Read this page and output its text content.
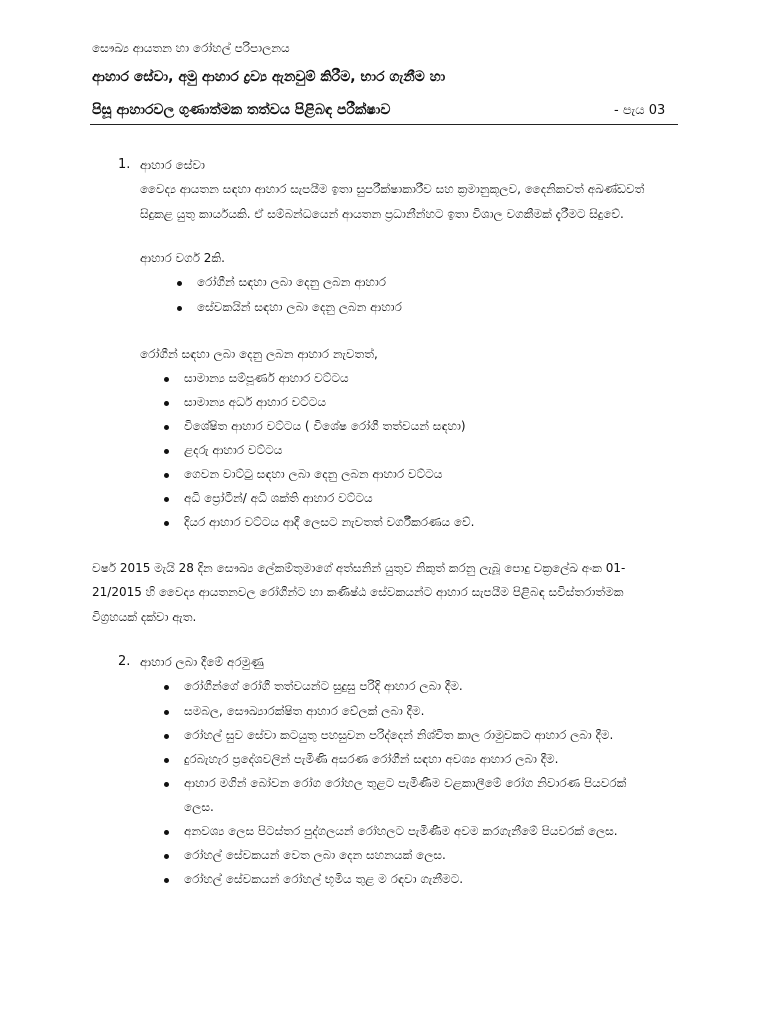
සෞඛ්‍ය ආයතන හා රෝහල් පරිපාලනය
ආහාර සේවා, අමු ආහාර ද්‍රව්‍ය ඇනවුම් කිරීම, භාර ගැනීම හා
පිසූ ආහාරවල ගුණාත්මක තත්වය පිළිබඳ පරීක්ෂාව	- පැය 03
1. ආහාර සේවා
වෛද්‍ය ආයතන සඳහා ආහාර සැපයීම ඉතා සුපරීක්ෂාකාරීව සහ ක්‍රමානුකූලව, දෛනිකවත් අඛණ්ඩවත්
සිදුකළ යුතු කාර්යයකි. ඒ සම්බන්ධයෙන් ආයතන ප්‍රධානීන්හට ඉතා විශාල වගකීමක් දැරීමට සිදුවේ.
ආහාර වර්ග 2කි.
රෝගීන් සඳහා ලබා දෙනු ලබන ආහාර
සේවකයින් සඳහා ලබා දෙනු ලබන ආහාර
රෝගීන් සඳහා ලබා දෙනු ලබන ආහාර නැවතත්,
සාමාන්‍ය සම්පූර්ණ ආහාර වට්ටය
සාමාන්‍ය අර්ධ ආහාර වට්ටය
විශේෂිත ආහාර වට්ටය ( විශේෂ රෝගී තත්වයන් සඳහා)
ළදරු ආහාර වට්ටය
ගෙවන වාට්ටු සඳහා ලබා දෙනු ලබන ආහාර වට්ටය
අධි ප්‍රෝටීන්/ අධි ශක්ති ආහාර වට්ටය
දියර ආහාර වට්ටය ආදී ලෙසට නැවතත් වර්ගීකරණය වේ.
වර්ෂ 2015 මැයි 28 දින සෞඛ්‍ය ලේකම්තුමාගේ අත්සනින් යුතුව නිකුත් කරනු ලැබූ පොදු චක්‍රලේඛ අංක 01-
21/2015 හි වෛද්‍ය ආයතනවල රෝගීන්ට හා කණිෂ්ඨ සේවකයන්ට ආහාර සැපයීම පිළිබඳ සවිස්තරාත්මක
විග්‍රහයක් දක්වා ඇත.
2. ආහාර ලබා දීමේ අරමුණු
රෝගීන්ගේ රෝගී තත්වයන්ට සුදුසු පරිදි ආහාර ලබා දීම.
සමබල, සෞඛ්‍යාරක්ෂිත ආහාර වේලක් ලබා දීම.
රෝහල් සුව සේවා කටයුතු පහසුවන පරිද්දෙන් නිශ්චිත කාල රාමුවකට ආහාර ලබා දීම.
දුරබැහැර ප්‍රදේශවලින් පැමිණි අසරණ රෝගීන් සඳහා අවශ්‍ය ආහාර ලබා දීම.
ආහාර මගින් බෝවන රෝග රෝහල තුළට පැමිණීම වළකාලීමේ රෝග නිවාරණ පියවරක්
ලෙස.
අනවශ්‍ය ලෙස පිටස්තර පුද්ගලයන් රෝහලට පැමිණීම අවම කරගැනීමේ පියවරක් ලෙස.
රෝහල් සේවකයන් වෙත ලබා දෙන සහනයක් ලෙස.
රෝහල් සේවකයන් රෝහල් භූමිය තුළ ම රඳවා ගැනීමට.
